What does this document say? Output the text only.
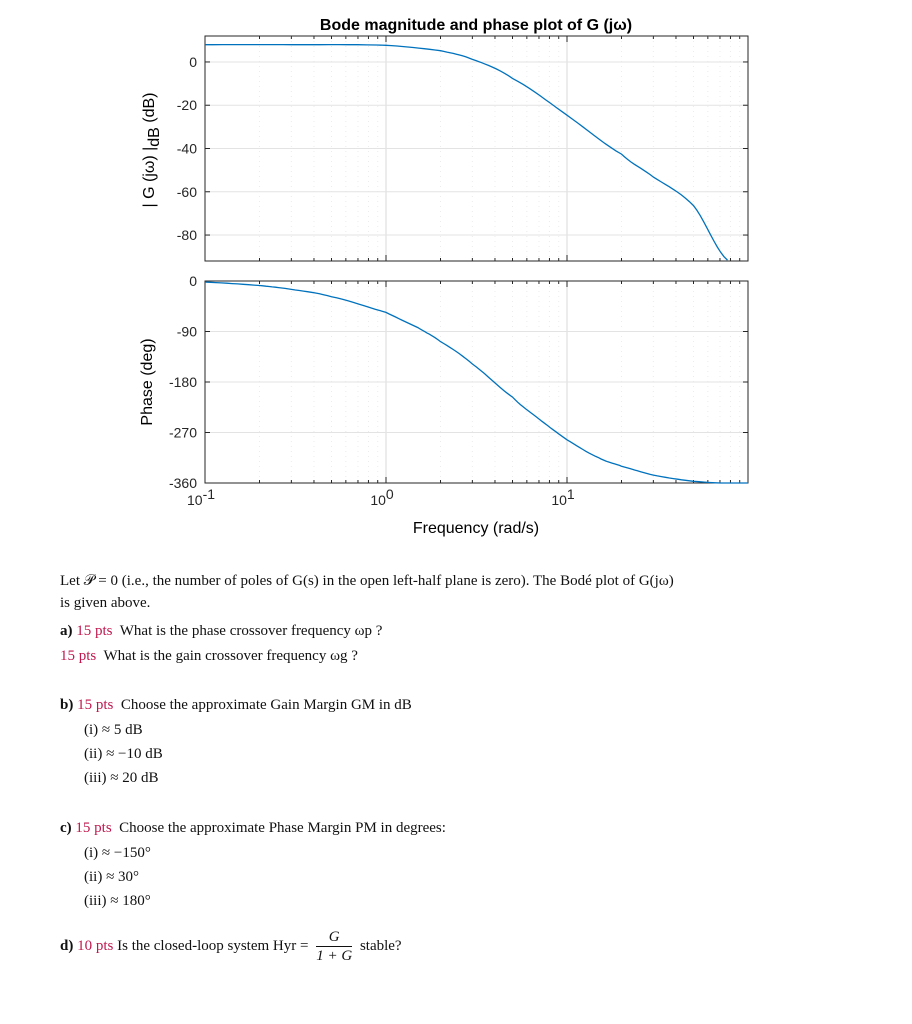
Bode magnitude and phase plot of G (jω)
0
-20
-40
-60
-80
| G (jω) |dB (dB)
0
-90
-180
-270
-360
Phase (deg)
10-1	100	101
Frequency (rad/s)
Let 𝒫 = 0 (i.e., the number of poles of G(s) in the open left-half plane is zero). The Bodé plot of G(jω)
is given above.
a) 15 pts What is the phase crossover frequency ωp ?
15 pts What is the gain crossover frequency ωg ?
b) 15 pts Choose the approximate Gain Margin GM in dB
(i) ≈ 5 dB
(ii) ≈ −10 dB
(iii) ≈ 20 dB
c) 15 pts Choose the approximate Phase Margin PM in degrees:
(i) ≈ −150°
(ii) ≈ 30°
(iii) ≈ 180°
d) 10 pts Is the closed-loop system Hyr = $\frac{G}{1 + G}$ stable?
